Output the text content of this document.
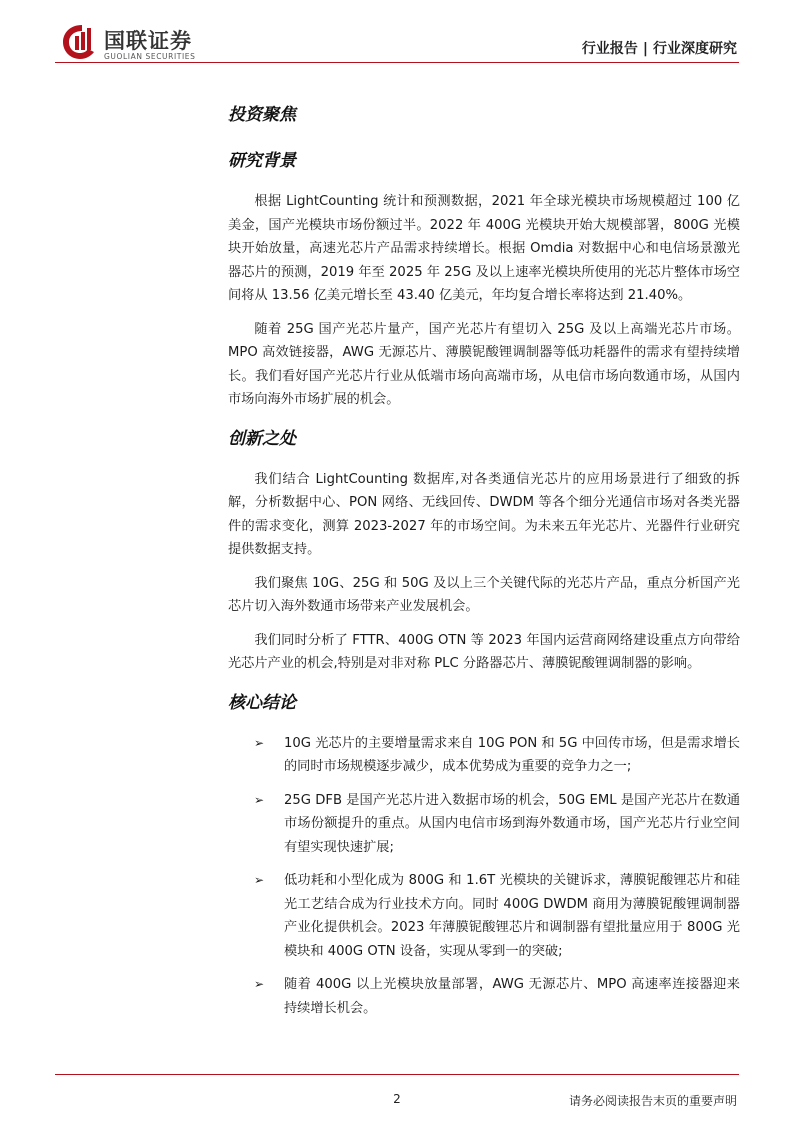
国联证券
GUOLIAN SECURITIES	行业报告 | 行业深度研究
投资聚焦
研究背景

根据 LightCounting 统计和预测数据，2021 年全球光模块市场规模超过 100 亿美金，国产光模块市场份额过半。2022 年 400G 光模块开始大规模部署，800G 光模块开始放量，高速光芯片产品需求持续增长。根据 Omdia 对数据中心和电信场景激光器芯片的预测，2019 年至 2025 年 25G 及以上速率光模块所使用的光芯片整体市场空间将从 13.56 亿美元增长至 43.40 亿美元，年均复合增长率将达到 21.40%。

随着 25G 国产光芯片量产，国产光芯片有望切入 25G 及以上高端光芯片市场。MPO 高效链接器，AWG 无源芯片、薄膜铌酸锂调制器等低功耗器件的需求有望持续增长。我们看好国产光芯片行业从低端市场向高端市场，从电信市场向数通市场，从国内市场向海外市场扩展的机会。

创新之处

我们结合 LightCounting 数据库,对各类通信光芯片的应用场景进行了细致的拆解，分析数据中心、PON 网络、无线回传、DWDM 等各个细分光通信市场对各类光器件的需求变化，测算 2023-2027 年的市场空间。为未来五年光芯片、光器件行业研究提供数据支持。

我们聚焦 10G、25G 和 50G 及以上三个关键代际的光芯片产品，重点分析国产光芯片切入海外数通市场带来产业发展机会。

我们同时分析了 FTTR、400G OTN 等 2023 年国内运营商网络建设重点方向带给光芯片产业的机会,特别是对非对称 PLC 分路器芯片、薄膜铌酸锂调制器的影响。

核心结论
➢ 10G 光芯片的主要增量需求来自 10G PON 和 5G 中回传市场，但是需求增长的同时市场规模逐步减少，成本优势成为重要的竞争力之一;
➢ 25G DFB 是国产光芯片进入数据市场的机会，50G EML 是国产光芯片在数通市场份额提升的重点。从国内电信市场到海外数通市场，国产光芯片行业空间有望实现快速扩展;
➢ 低功耗和小型化成为 800G 和 1.6T 光模块的关键诉求，薄膜铌酸锂芯片和硅光工艺结合成为行业技术方向。同时 400G DWDM 商用为薄膜铌酸锂调制器产业化提供机会。2023 年薄膜铌酸锂芯片和调制器有望批量应用于 800G 光模块和 400G OTN 设备，实现从零到一的突破;
➢ 随着 400G 以上光模块放量部署，AWG 无源芯片、MPO 高速率连接器迎来持续增长机会。
2	请务必阅读报告末页的重要声明
